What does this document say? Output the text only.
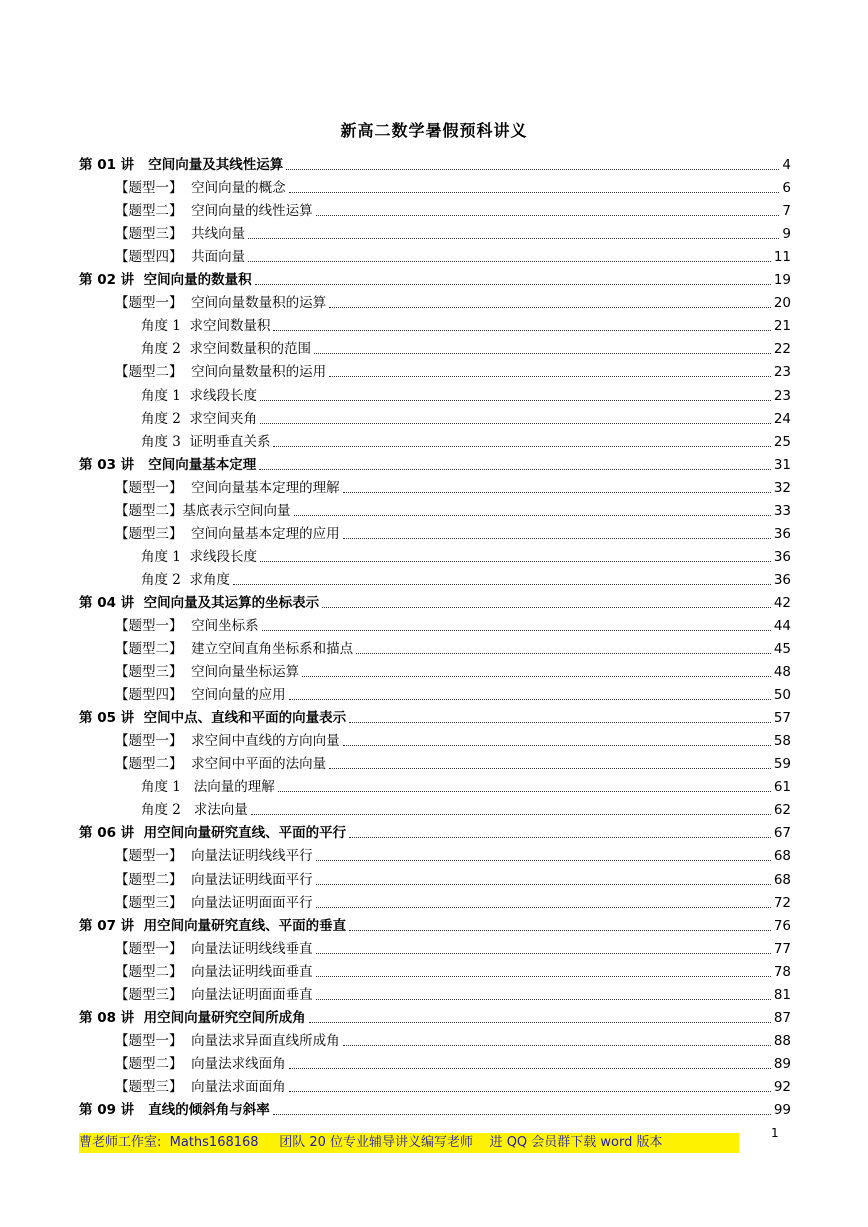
新高二数学暑假预科讲义
第 01 讲   空间向量及其线性运算	4
【题型一】  空间向量的概念	6
【题型二】  空间向量的线性运算	7
【题型三】  共线向量	9
【题型四】  共面向量	11
第 02 讲  空间向量的数量积	19
【题型一】  空间向量数量积的运算	20
角度 1  求空间数量积	21
角度 2  求空间数量积的范围	22
【题型二】  空间向量数量积的运用	23
角度 1  求线段长度	23
角度 2  求空间夹角	24
角度 3  证明垂直关系	25
第 03 讲   空间向量基本定理	31
【题型一】  空间向量基本定理的理解	32
【题型二】基底表示空间向量	33
【题型三】  空间向量基本定理的应用	36
角度 1  求线段长度	36
角度 2  求角度	36
第 04 讲  空间向量及其运算的坐标表示	42
【题型一】  空间坐标系	44
【题型二】  建立空间直角坐标系和描点	45
【题型三】  空间向量坐标运算	48
【题型四】  空间向量的应用	50
第 05 讲  空间中点、直线和平面的向量表示	57
【题型一】  求空间中直线的方向向量	58
【题型二】  求空间中平面的法向量	59
角度 1   法向量的理解	61
角度 2   求法向量	62
第 06 讲  用空间向量研究直线、平面的平行	67
【题型一】  向量法证明线线平行	68
【题型二】  向量法证明线面平行	68
【题型三】  向量法证明面面平行	72
第 07 讲  用空间向量研究直线、平面的垂直	76
【题型一】  向量法证明线线垂直	77
【题型二】  向量法证明线面垂直	78
【题型三】  向量法证明面面垂直	81
第 08 讲  用空间向量研究空间所成角	87
【题型一】  向量法求异面直线所成角	88
【题型二】  向量法求线面角	89
【题型三】  向量法求面面角	92
第 09 讲   直线的倾斜角与斜率	99
1
曹老师工作室:  Maths168168     团队 20 位专业辅导讲义编写老师    进 QQ 会员群下载 word 版本
